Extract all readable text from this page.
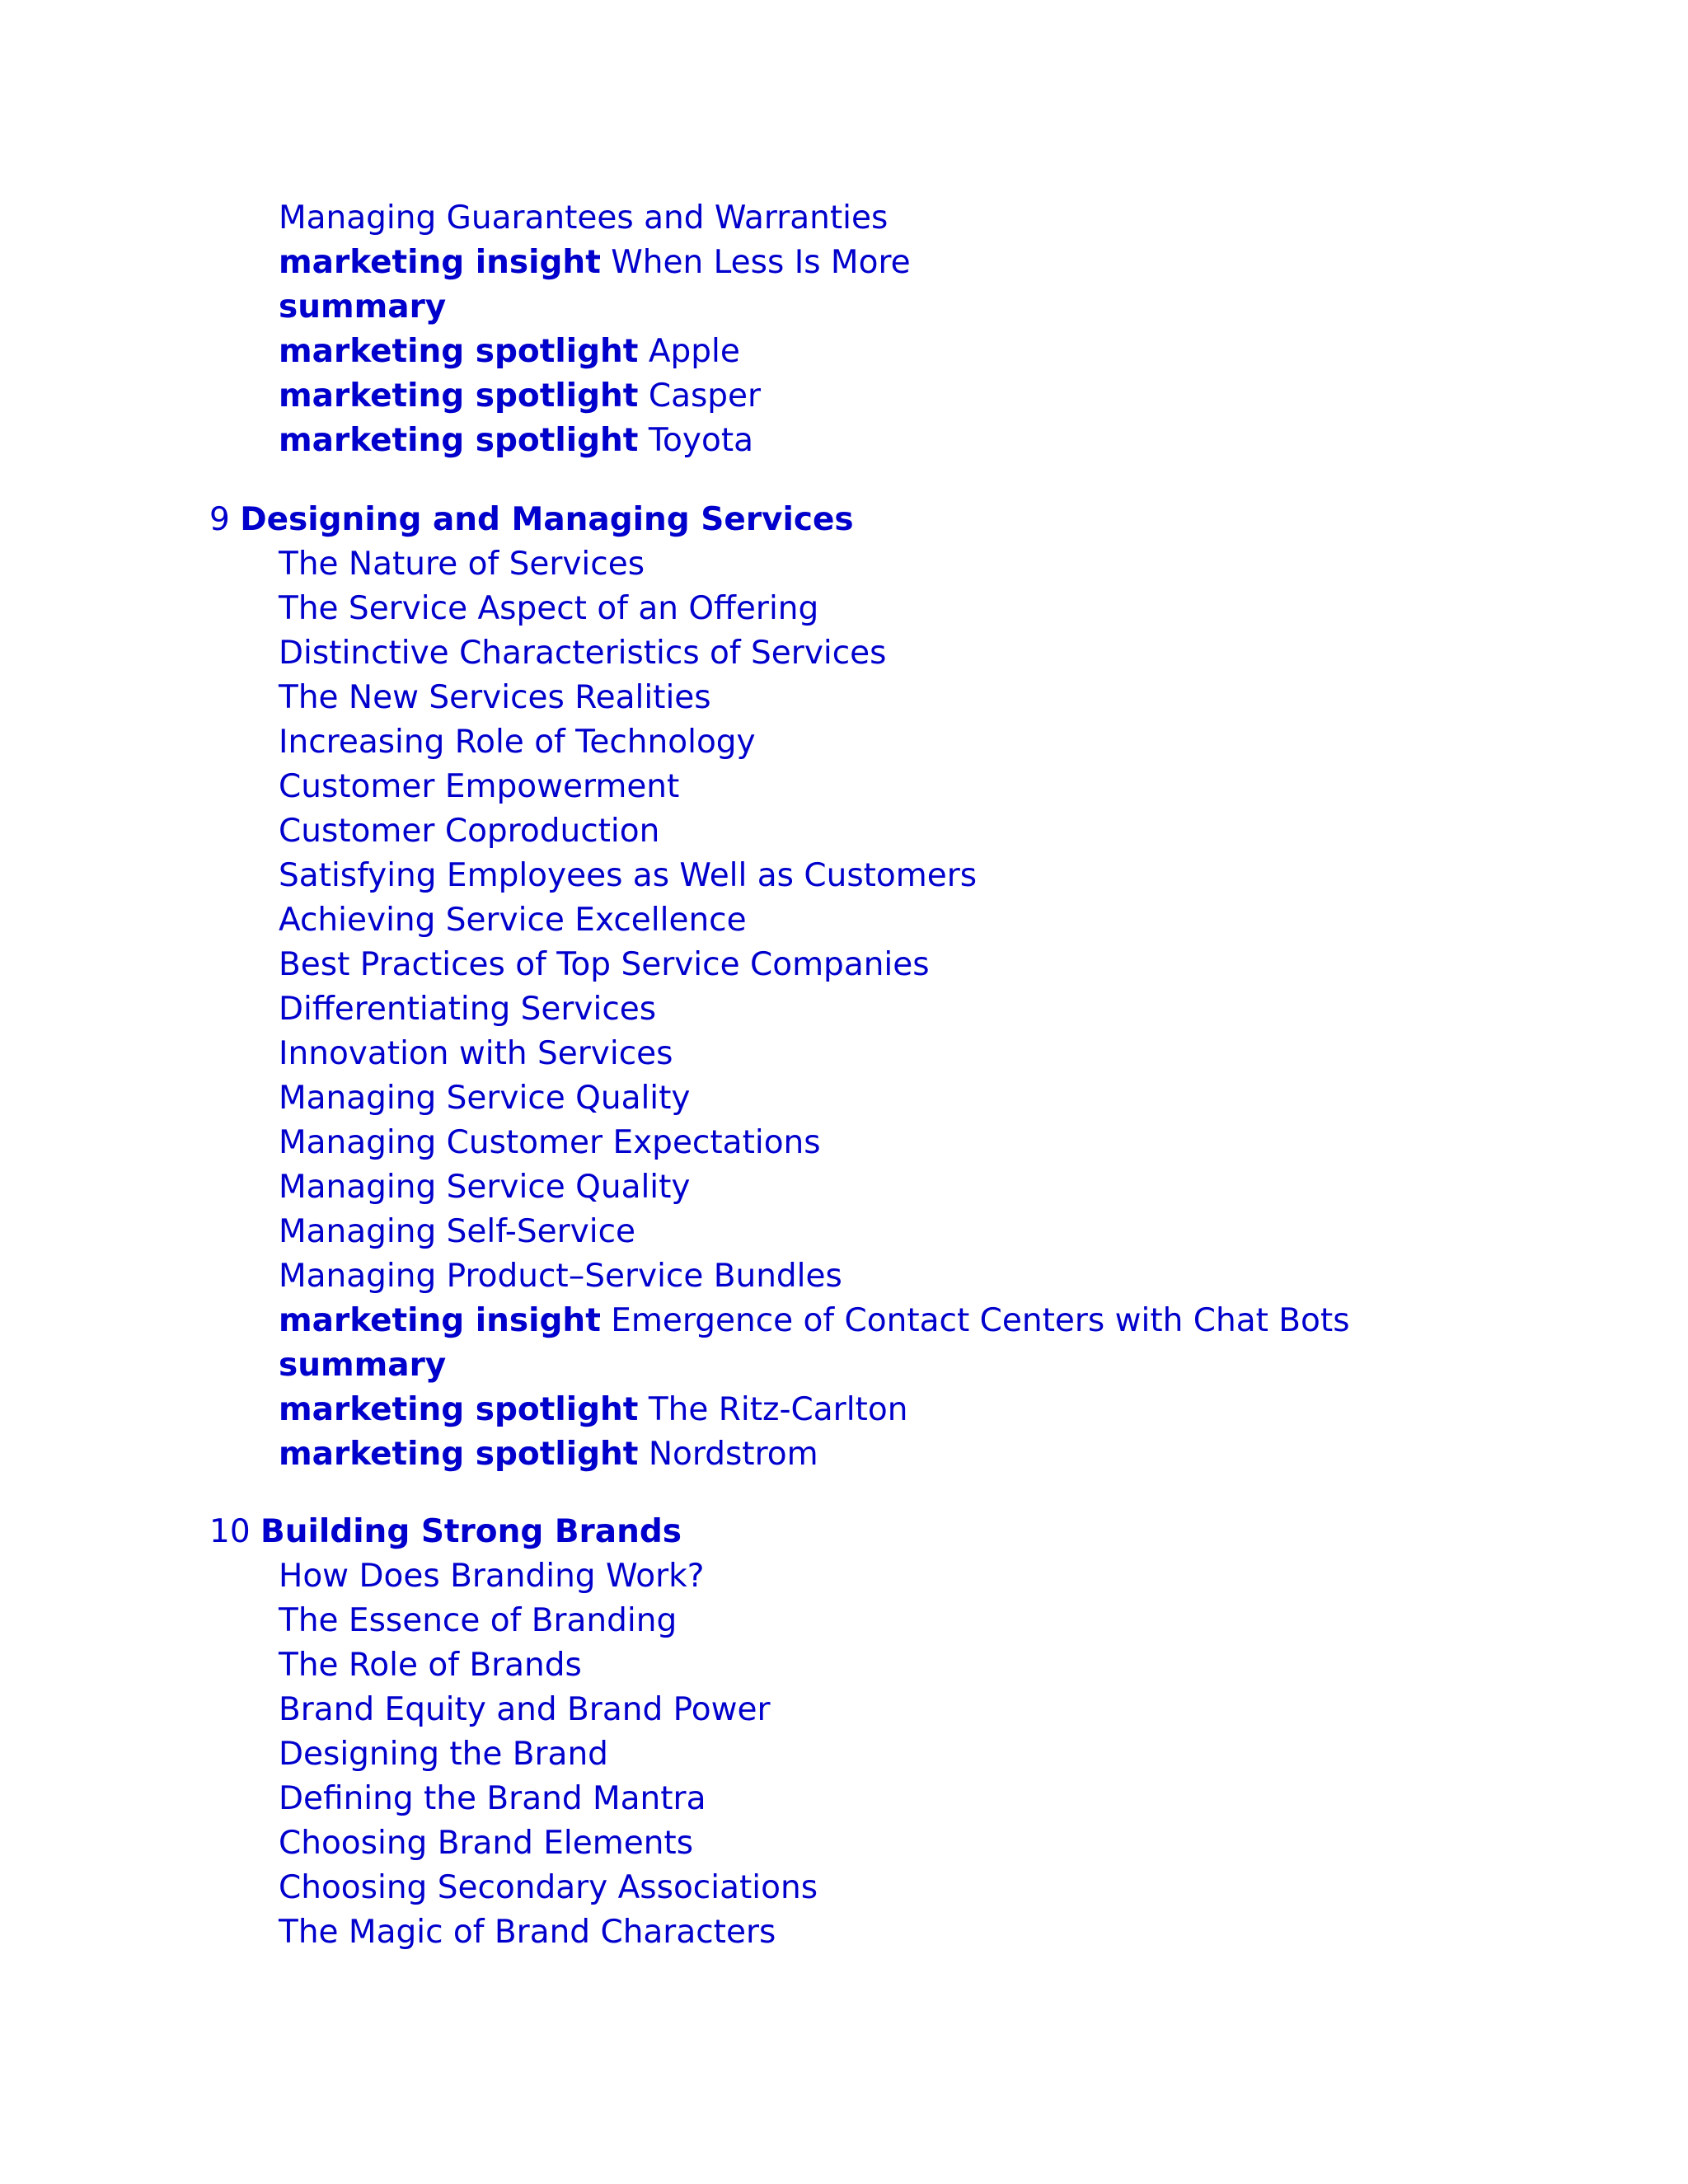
Managing Guarantees and Warranties
marketing insight When Less Is More
summary
marketing spotlight Apple
marketing spotlight Casper
marketing spotlight Toyota
9 Designing and Managing Services
The Nature of Services
The Service Aspect of an Offering
Distinctive Characteristics of Services
The New Services Realities
Increasing Role of Technology
Customer Empowerment
Customer Coproduction
Satisfying Employees as Well as Customers
Achieving Service Excellence
Best Practices of Top Service Companies
Differentiating Services
Innovation with Services
Managing Service Quality
Managing Customer Expectations
Managing Service Quality
Managing Self-Service
Managing Product–Service Bundles
marketing insight Emergence of Contact Centers with Chat Bots
summary
marketing spotlight The Ritz-Carlton
marketing spotlight Nordstrom
10 Building Strong Brands
How Does Branding Work?
The Essence of Branding
The Role of Brands
Brand Equity and Brand Power
Designing the Brand
Defining the Brand Mantra
Choosing Brand Elements
Choosing Secondary Associations
The Magic of Brand Characters
